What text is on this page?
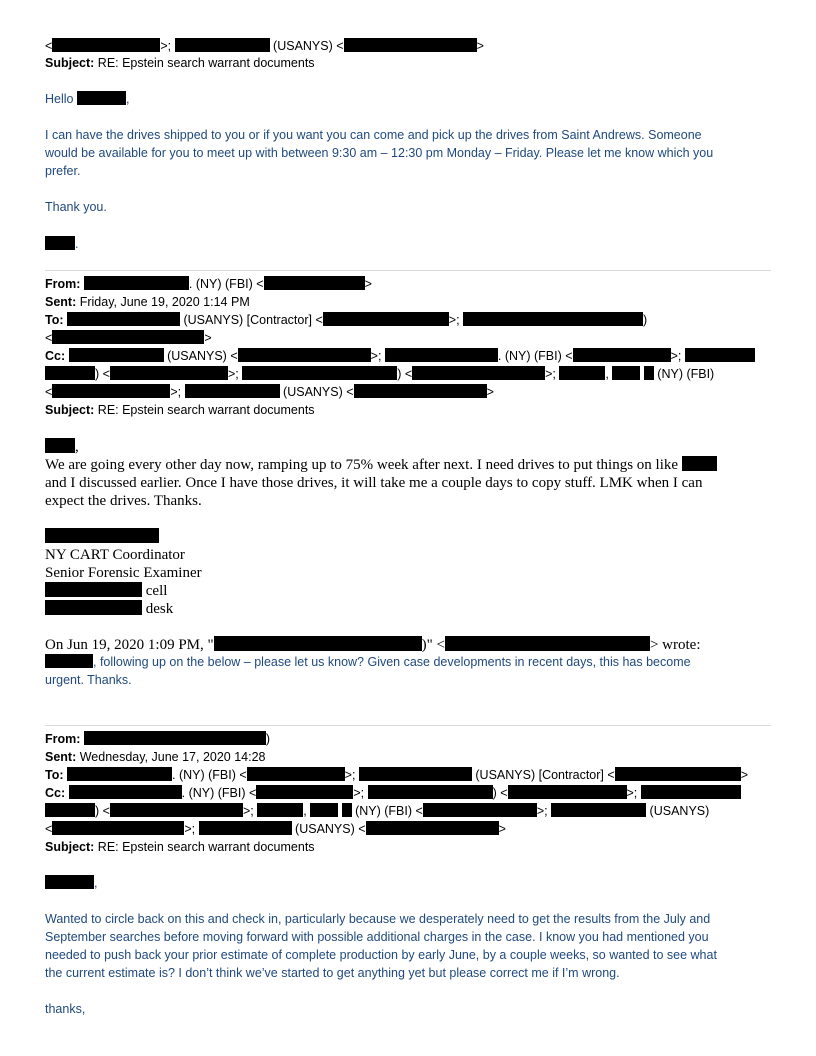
<	>;	(USANYS) <	>
Subject: RE: Epstein search warrant documents
Hello	,
I can have the drives shipped to you or if you want you can come and pick up the drives from Saint Andrews. Someone
would be available for you to meet up with between 9:30 am – 12:30 pm Monday – Friday. Please let me know which you
prefer.
Thank you.
.
From:	. (NY) (FBI) <	>
Sent: Friday, June 19, 2020 1:14 PM
To:	(USANYS) [Contractor] <	>;	)
<	>
Cc:	(USANYS) <	>;	. (NY) (FBI) <	>;
) <	>;	) <	>;	,	(NY) (FBI)
<	>;	(USANYS) <	>
Subject: RE: Epstein search warrant documents
,
We are going every other day now, ramping up to 75% week after next. I need drives to put things on like
and I discussed earlier. Once I have those drives, it will take me a couple days to copy stuff. LMK when I can
expect the drives. Thanks.
NY CART Coordinator
Senior Forensic Examiner
cell
desk
On Jun 19, 2020 1:09 PM, "	)" <	> wrote:
, following up on the below – please let us know? Given case developments in recent days, this has become
urgent. Thanks.
From:	)
Sent: Wednesday, June 17, 2020 14:28
To:	. (NY) (FBI) <	>;	(USANYS) [Contractor] <	>
Cc:	. (NY) (FBI) <	>;	) <	>;
) <	>;	,	(NY) (FBI) <	>;	(USANYS)
<	>;	(USANYS) <	>
Subject: RE: Epstein search warrant documents
,
Wanted to circle back on this and check in, particularly because we desperately need to get the results from the July and
September searches before moving forward with possible additional charges in the case. I know you had mentioned you
needed to push back your prior estimate of complete production by early June, by a couple weeks, so wanted to see what
the current estimate is? I don’t think we’ve started to get anything yet but please correct me if I’m wrong.
thanks,
